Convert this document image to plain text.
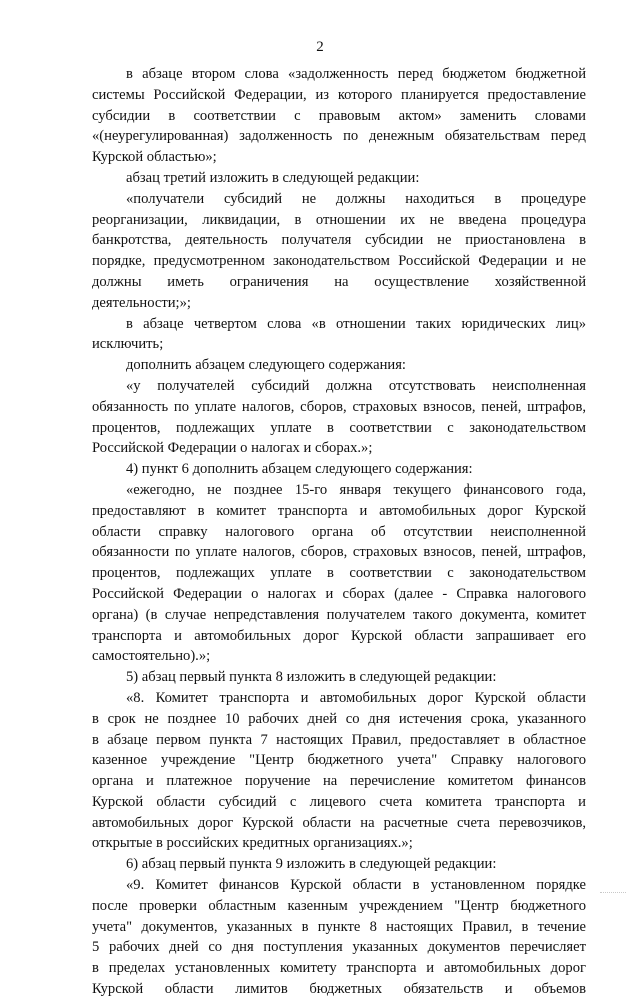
2
в абзаце втором слова «задолженность перед бюджетом бюджетной
системы Российской Федерации, из которого планируется предоставление
субсидии в соответствии с правовым актом» заменить словами
«(неурегулированная) задолженность по денежным обязательствам перед
Курской областью»;
абзац третий изложить в следующей редакции:
«получатели субсидий не должны находиться в процедуре
реорганизации, ликвидации, в отношении их не введена процедура
банкротства, деятельность получателя субсидии не приостановлена в
порядке, предусмотренном законодательством Российской Федерации и не
должны иметь ограничения на осуществление хозяйственной
деятельности;»;
в абзаце четвертом слова «в отношении таких юридических лиц»
исключить;
дополнить абзацем следующего содержания:
«у получателей субсидий должна отсутствовать неисполненная
обязанность по уплате налогов, сборов, страховых взносов, пеней, штрафов,
процентов, подлежащих уплате в соответствии с законодательством
Российской Федерации о налогах и сборах.»;
4) пункт 6 дополнить абзацем следующего содержания:
«ежегодно, не позднее 15-го января текущего финансового года,
предоставляют в комитет транспорта и автомобильных дорог Курской
области справку налогового органа об отсутствии неисполненной
обязанности по уплате налогов, сборов, страховых взносов, пеней, штрафов,
процентов, подлежащих уплате в соответствии с законодательством
Российской Федерации о налогах и сборах (далее - Справка налогового
органа) (в случае непредставления получателем такого документа, комитет
транспорта и автомобильных дорог Курской области запрашивает его
самостоятельно).»;
5) абзац первый пункта 8 изложить в следующей редакции:
«8. Комитет транспорта и автомобильных дорог Курской области
в срок не позднее 10 рабочих дней со дня истечения срока, указанного
в абзаце первом пункта 7 настоящих Правил, предоставляет в областное
казенное учреждение "Центр бюджетного учета" Справку налогового
органа и платежное поручение на перечисление комитетом финансов
Курской области субсидий с лицевого счета комитета транспорта и
автомобильных дорог Курской области на расчетные счета перевозчиков,
открытые в российских кредитных организациях.»;
6) абзац первый пункта 9 изложить в следующей редакции:
«9. Комитет финансов Курской области в установленном порядке
после проверки областным казенным учреждением "Центр бюджетного
учета" документов, указанных в пункте 8 настоящих Правил, в течение
5 рабочих дней со дня поступления указанных документов перечисляет
в пределах установленных комитету транспорта и автомобильных дорог
Курской области лимитов бюджетных обязательств и объемов
